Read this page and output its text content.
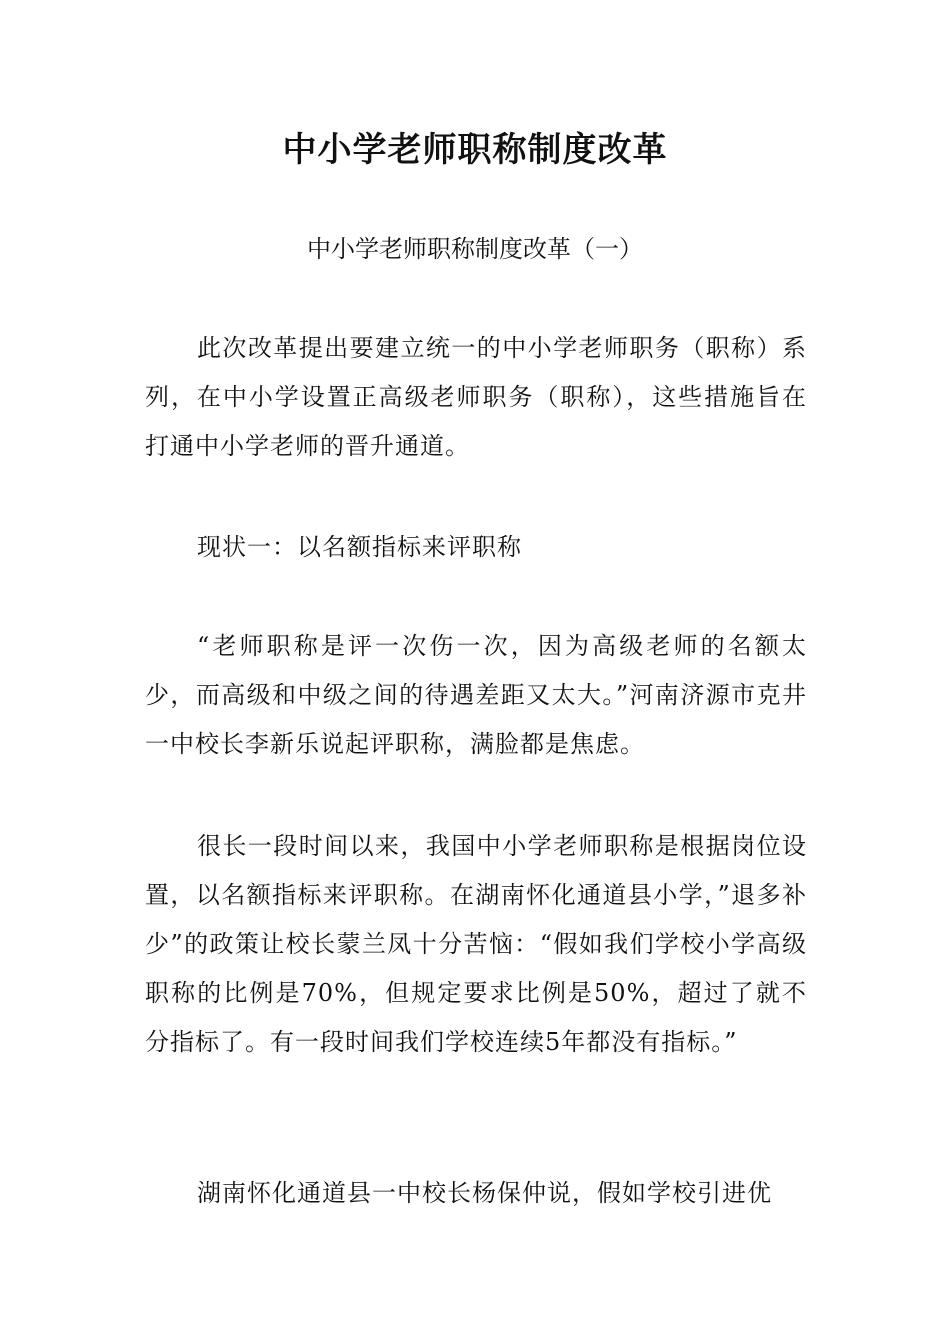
中小学老师职称制度改革

中小学老师职称制度改革（一）

此次改革提出要建立统一的中小学老师职务（职称）系列，在中小学设置正高级老师职务（职称），这些措施旨在打通中小学老师的晋升通道。

现状一：以名额指标来评职称

“老师职称是评一次伤一次，因为高级老师的名额太少，而高级和中级之间的待遇差距又太大。”河南济源市克井一中校长李新乐说起评职称，满脸都是焦虑。

很长一段时间以来，我国中小学老师职称是根据岗位设置，以名额指标来评职称。在湖南怀化通道县小学，”退多补少”的政策让校长蒙兰凤十分苦恼：“假如我们学校小学高级职称的比例是70%，但规定要求比例是50%，超过了就不分指标了。有一段时间我们学校连续5年都没有指标。”

湖南怀化通道县一中校长杨保仲说，假如学校引进优
